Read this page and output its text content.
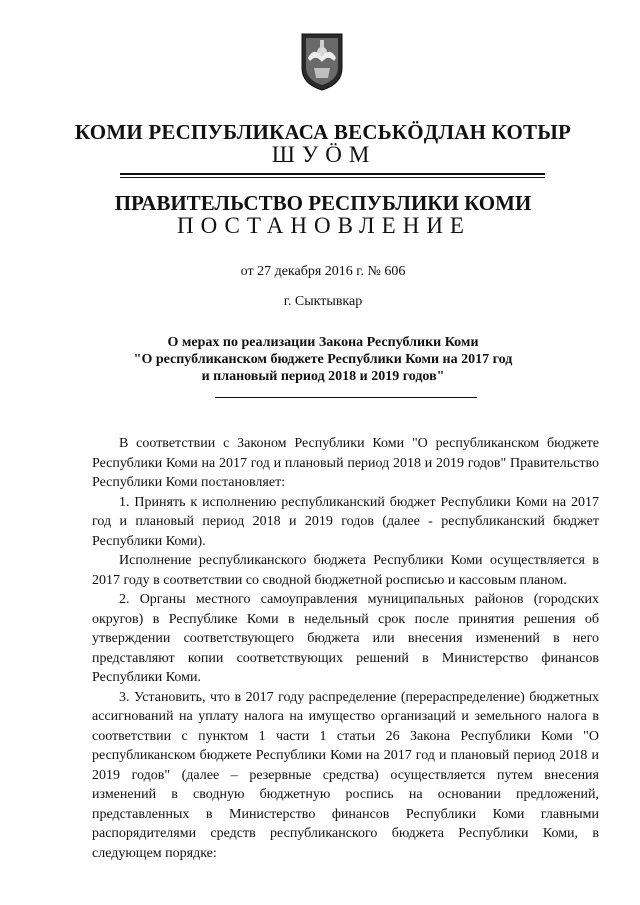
КОМИ РЕСПУБЛИКАСА ВЕСЬКӦДЛАН КОТЫР
ШУӦМ
ПРАВИТЕЛЬСТВО РЕСПУБЛИКИ КОМИ
ПОСТАНОВЛЕНИЕ
от 27 декабря 2016 г. № 606
г. Сыктывкар
О мерах по реализации Закона Республики Коми
"О республиканском бюджете Республики Коми на 2017 год
и плановый период 2018 и 2019 годов"

В соответствии с Законом Республики Коми "О республиканском бюджете Республики Коми на 2017 год и плановый период 2018 и 2019 годов" Правительство Республики Коми постановляет:

1. Принять к исполнению республиканский бюджет Республики Коми на 2017 год и плановый период 2018 и 2019 годов (далее - республиканский бюджет Республики Коми).

Исполнение республиканского бюджета Республики Коми осуществляется в 2017 году в соответствии со сводной бюджетной росписью и кассовым планом.

2. Органы местного самоуправления муниципальных районов (городских округов) в Республике Коми в недельный срок после принятия решения об утверждении соответствующего бюджета или внесения изменений в него представляют копии соответствующих решений в Министерство финансов Республики Коми.

3. Установить, что в 2017 году распределение (перераспределение) бюджетных ассигнований на уплату налога на имущество организаций и земельного налога в соответствии с пунктом 1 части 1 статьи 26 Закона Республики Коми "О республиканском бюджете Республики Коми на 2017 год и плановый период 2018 и 2019 годов" (далее – резервные средства) осуществляется путем внесения изменений в сводную бюджетную роспись на основании предложений, представленных в Министерство финансов Республики Коми главными распорядителями средств республиканского бюджета Республики Коми, в следующем порядке:
